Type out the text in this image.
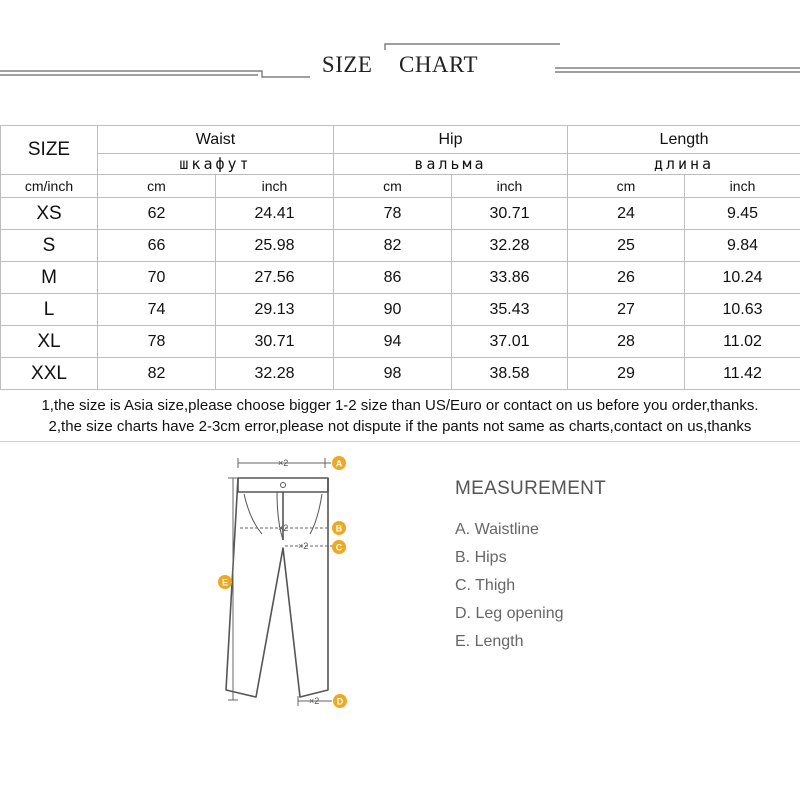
SIZE CHART
SIZE	Waist		Hip		Length	
	шкафут		вальма		длина	
cm/inch	cm	inch	cm	inch	cm	inch
XS	62	24.41	78	30.71	24	9.45
S	66	25.98	82	32.28	25	9.84
M	70	27.56	86	33.86	26	10.24
L	74	29.13	90	35.43	27	10.63
XL	78	30.71	94	37.01	28	11.02
XXL	82	32.28	98	38.58	29	11.42
1,the size is Asia size,please choose bigger 1-2 size than US/Euro or contact on us before you order,thanks.
2,the size charts have 2-3cm error,please not dispute if the pants not same as charts,contact on us,thanks
×2
×2
×2
×2
A
B
C
D
E
MEASUREMENT
A. Waistline
B. Hips
C. Thigh
D. Leg opening
E. Length
